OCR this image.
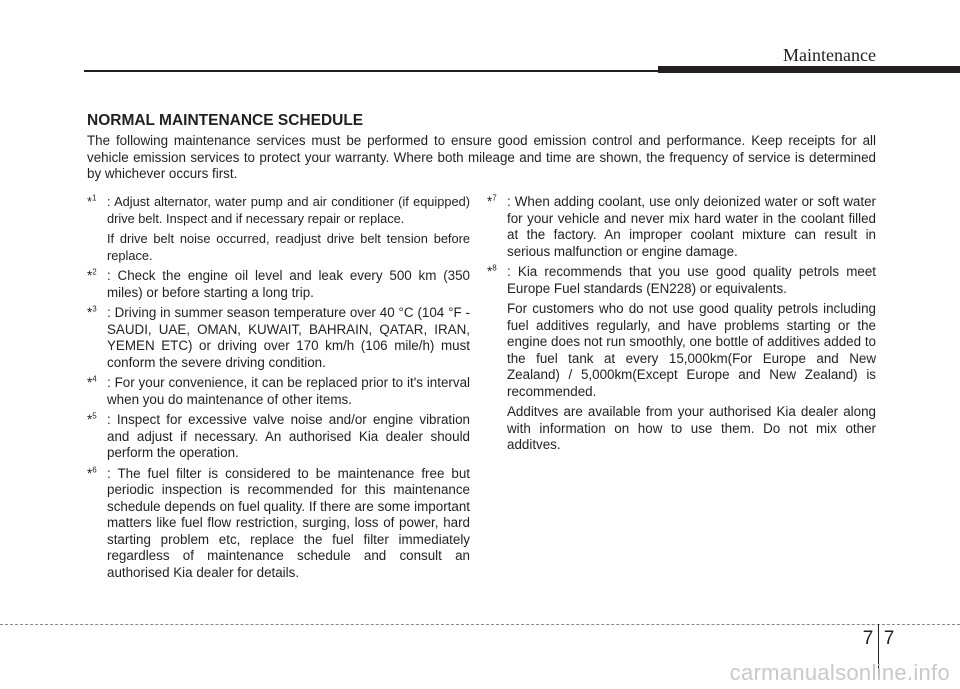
Maintenance
NORMAL MAINTENANCE SCHEDULE

The following maintenance services must be performed to ensure good emission control and performance. Keep receipts for all vehicle emission services to protect your warranty. Where both mileage and time are shown, the frequency of service is determined by whichever occurs first.

*$^1$ : Adjust alternator, water pump and air conditioner (if equipped) drive belt. Inspect and if necessary repair or replace.

If drive belt noise occurred, readjust drive belt tension before replace.

*$^2$ : Check the engine oil level and leak every 500 km (350 miles) or before starting a long trip.

*$^3$ : Driving in summer season temperature over 40 °C (104 °F - SAUDI, UAE, OMAN, KUWAIT, BAHRAIN, QATAR, IRAN, YEMEN ETC) or driving over 170 km/h (106 mile/h) must conform the severe driving condition.

*$^4$ : For your convenience, it can be replaced prior to it's interval when you do maintenance of other items.

*$^5$ : Inspect for excessive valve noise and/or engine vibration and adjust if necessary. An authorised Kia dealer should perform the operation.

*$^6$ : The fuel filter is considered to be maintenance free but periodic inspection is recommended for this maintenance schedule depends on fuel quality. If there are some important matters like fuel flow restriction, surging, loss of power, hard starting problem etc, replace the fuel filter immediately regardless of maintenance schedule and consult an authorised Kia dealer for details.

*$^7$ : When adding coolant, use only deionized water or soft water for your vehicle and never mix hard water in the coolant filled at the factory. An improper coolant mixture can result in serious malfunction or engine damage.

*$^8$ : Kia recommends that you use good quality petrols meet Europe Fuel standards (EN228) or equivalents.

For customers who do not use good quality petrols including fuel additives regularly, and have problems starting or the engine does not run smoothly, one bottle of additives added to the fuel tank at every 15,000km(For Europe and New Zealand) / 5,000km(Except Europe and New Zealand) is recommended.

Additves are available from your authorised Kia dealer along with information on how to use them. Do not mix other additves.

7 7
carmanualsonline.info
